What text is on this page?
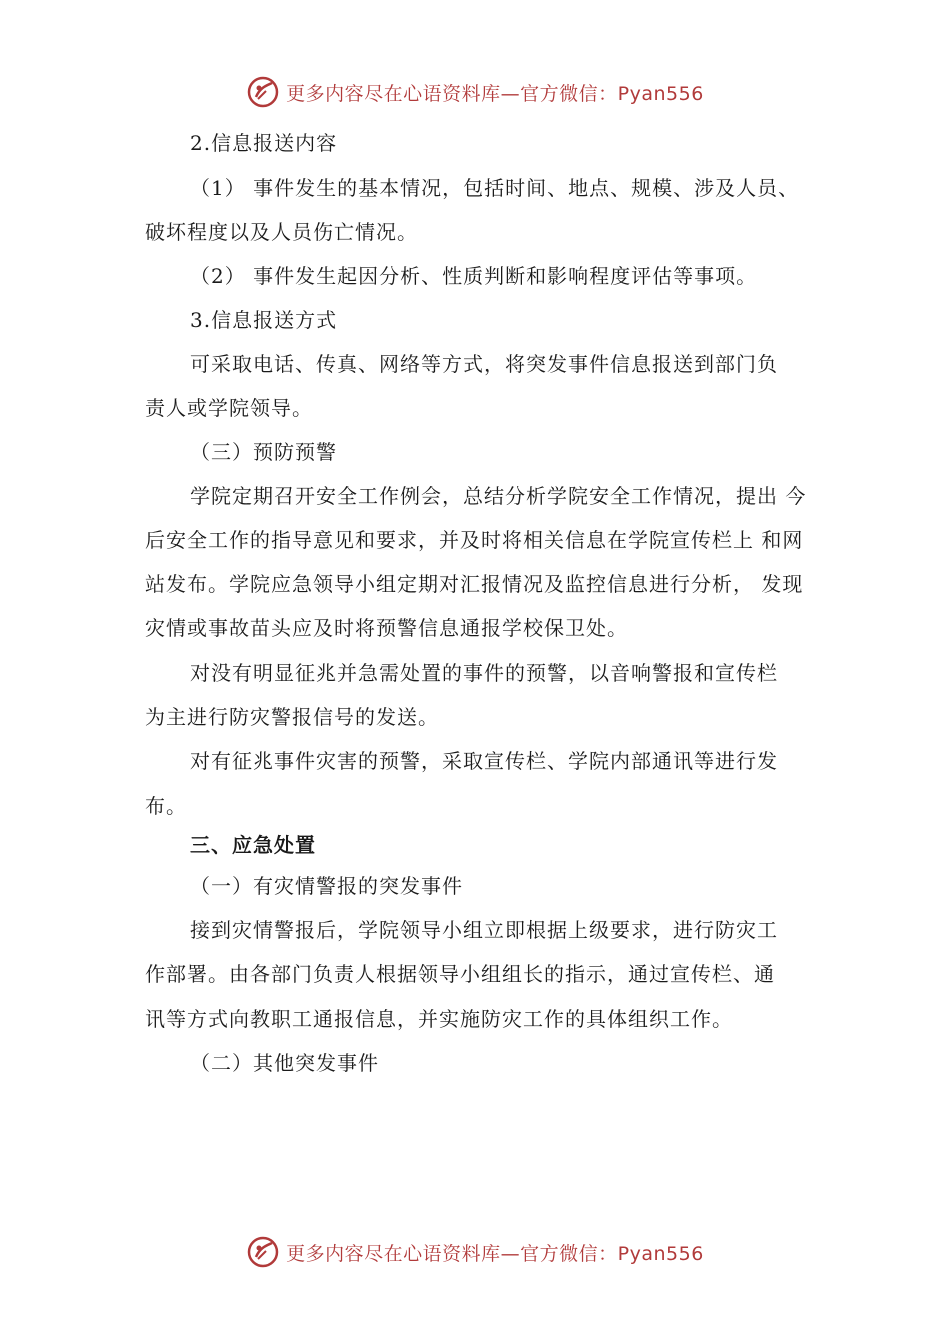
更多内容尽在心语资料库—官方微信：Pyan556
2.信息报送内容
（1） 事件发生的基本情况，包括时间、地点、规模、涉及人员、
破坏程度以及人员伤亡情况。
（2） 事件发生起因分析、性质判断和影响程度评估等事项。
3.信息报送方式
可采取电话、传真、网络等方式，将突发事件信息报送到部门负
责人或学院领导。
（三）预防预警
学院定期召开安全工作例会，总结分析学院安全工作情况，提出 今
后安全工作的指导意见和要求，并及时将相关信息在学院宣传栏上 和网
站发布。学院应急领导小组定期对汇报情况及监控信息进行分析， 发现
灾情或事故苗头应及时将预警信息通报学校保卫处。
对没有明显征兆并急需处置的事件的预警，以音响警报和宣传栏
为主进行防灾警报信号的发送。
对有征兆事件灾害的预警，采取宣传栏、学院内部通讯等进行发
布。
三、应急处置
（一）有灾情警报的突发事件
接到灾情警报后，学院领导小组立即根据上级要求，进行防灾工
作部署。由各部门负责人根据领导小组组长的指示，通过宣传栏、通
讯等方式向教职工通报信息，并实施防灾工作的具体组织工作。
（二）其他突发事件
更多内容尽在心语资料库—官方微信：Pyan556
